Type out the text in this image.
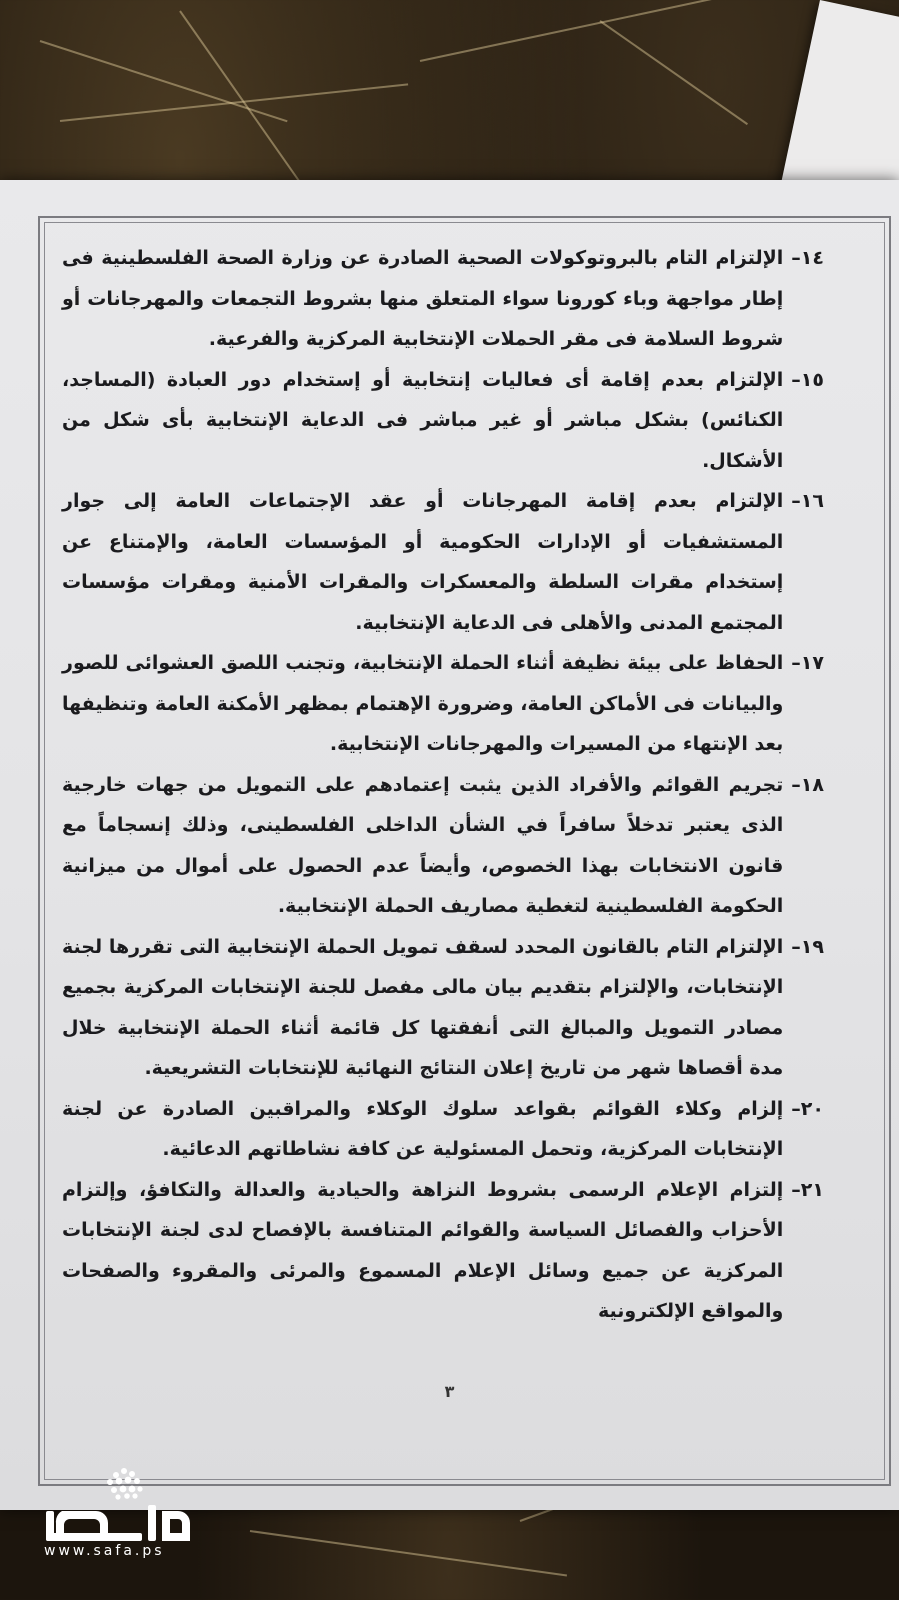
١٤–
الإلتزام التام بالبروتوكولات الصحية الصادرة عن وزارة الصحة الفلسطينية فى إطار مواجهة وباء كورونا سواء المتعلق منها بشروط التجمعات والمهرجانات أو شروط السلامة فى مقر الحملات الإنتخابية المركزية والفرعية.
١٥–
الإلتزام بعدم إقامة أى فعاليات إنتخابية أو إستخدام دور العبادة (المساجد، الكنائس) بشكل مباشر أو غير مباشر فى الدعاية الإنتخابية بأى شكل من الأشكال.
١٦–
الإلتزام بعدم إقامة المهرجانات أو عقد الإجتماعات العامة إلى جوار المستشفيات أو الإدارات الحكومية أو المؤسسات العامة، والإمتناع عن إستخدام مقرات السلطة والمعسكرات والمقرات الأمنية ومقرات مؤسسات المجتمع المدنى والأهلى فى الدعاية الإنتخابية.
١٧–
الحفاظ على بيئة نظيفة أثناء الحملة الإنتخابية، وتجنب اللصق العشوائى للصور والبيانات فى الأماكن العامة، وضرورة الإهتمام بمظهر الأمكنة العامة وتنظيفها بعد الإنتهاء من المسيرات والمهرجانات الإنتخابية.
١٨–
تجريم القوائم والأفراد الذين يثبت إعتمادهم على التمويل من جهات خارجية الذى يعتبر تدخلاً سافراً في الشأن الداخلى الفلسطينى، وذلك إنسجاماً مع قانون الانتخابات بهذا الخصوص، وأيضاً عدم الحصول على أموال من ميزانية الحكومة الفلسطينية لتغطية مصاريف الحملة الإنتخابية.
١٩–
الإلتزام التام بالقانون المحدد لسقف تمويل الحملة الإنتخابية التى تقررها لجنة الإنتخابات، والإلتزام بتقديم بيان مالى مفصل للجنة الإنتخابات المركزية بجميع مصادر التمويل والمبالغ التى أنفقتها كل قائمة أثناء الحملة الإنتخابية خلال مدة أقصاها شهر من تاريخ إعلان النتائج النهائية للإنتخابات التشريعية.
٢٠–
إلزام وكلاء القوائم بقواعد سلوك الوكلاء والمراقبين الصادرة عن لجنة الإنتخابات المركزية، وتحمل المسئولية عن كافة نشاطاتهم الدعائية.
٢١–
إلتزام الإعلام الرسمى بشروط النزاهة والحيادية والعدالة والتكافؤ، وإلتزام الأحزاب والفصائل السياسة والقوائم المتنافسة بالإفصاح لدى لجنة الإنتخابات المركزية عن جميع وسائل الإعلام المسموع والمرئى والمقروء والصفحات والمواقع الإلكترونية
٣
www.safa.ps
